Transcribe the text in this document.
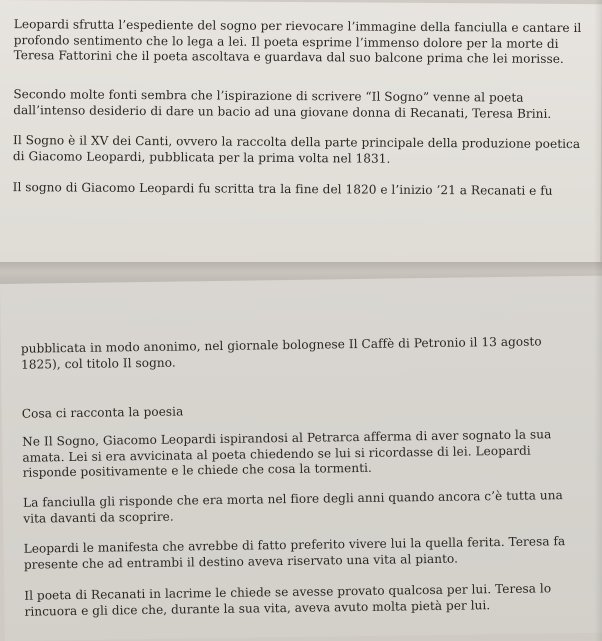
Leopardi sfrutta l’espediente del sogno per rievocare l’immagine della fanciulla e cantare il profondo sentimento che lo lega a lei. Il poeta esprime l’immenso dolore per la morte di Teresa Fattorini che il poeta ascoltava e guardava dal suo balcone prima che lei morisse.

Secondo molte fonti sembra che l’ispirazione di scrivere “Il Sogno” venne al poeta dall’intenso desiderio di dare un bacio ad una giovane donna di Recanati, Teresa Brini.

Il Sogno è il XV dei Canti, ovvero la raccolta della parte principale della produzione poetica di Giacomo Leopardi, pubblicata per la prima volta nel 1831.

Il sogno di Giacomo Leopardi fu scritta tra la fine del 1820 e l’inizio ’21 a Recanati e fu

pubblicata in modo anonimo, nel giornale bolognese Il Caffè di Petronio il 13 agosto 1825), col titolo Il sogno.

Cosa ci racconta la poesia

Ne Il Sogno, Giacomo Leopardi ispirandosi al Petrarca afferma di aver sognato la sua amata. Lei si era avvicinata al poeta chiedendo se lui si ricordasse di lei. Leopardi risponde positivamente e le chiede che cosa la tormenti.

La fanciulla gli risponde che era morta nel fiore degli anni quando ancora c’è tutta una vita davanti da scoprire.

Leopardi le manifesta che avrebbe di fatto preferito vivere lui la quella ferita. Teresa fa presente che ad entrambi il destino aveva riservato una vita al pianto.

Il poeta di Recanati in lacrime le chiede se avesse provato qualcosa per lui. Teresa lo rincuora e gli dice che, durante la sua vita, aveva avuto molta pietà per lui.
